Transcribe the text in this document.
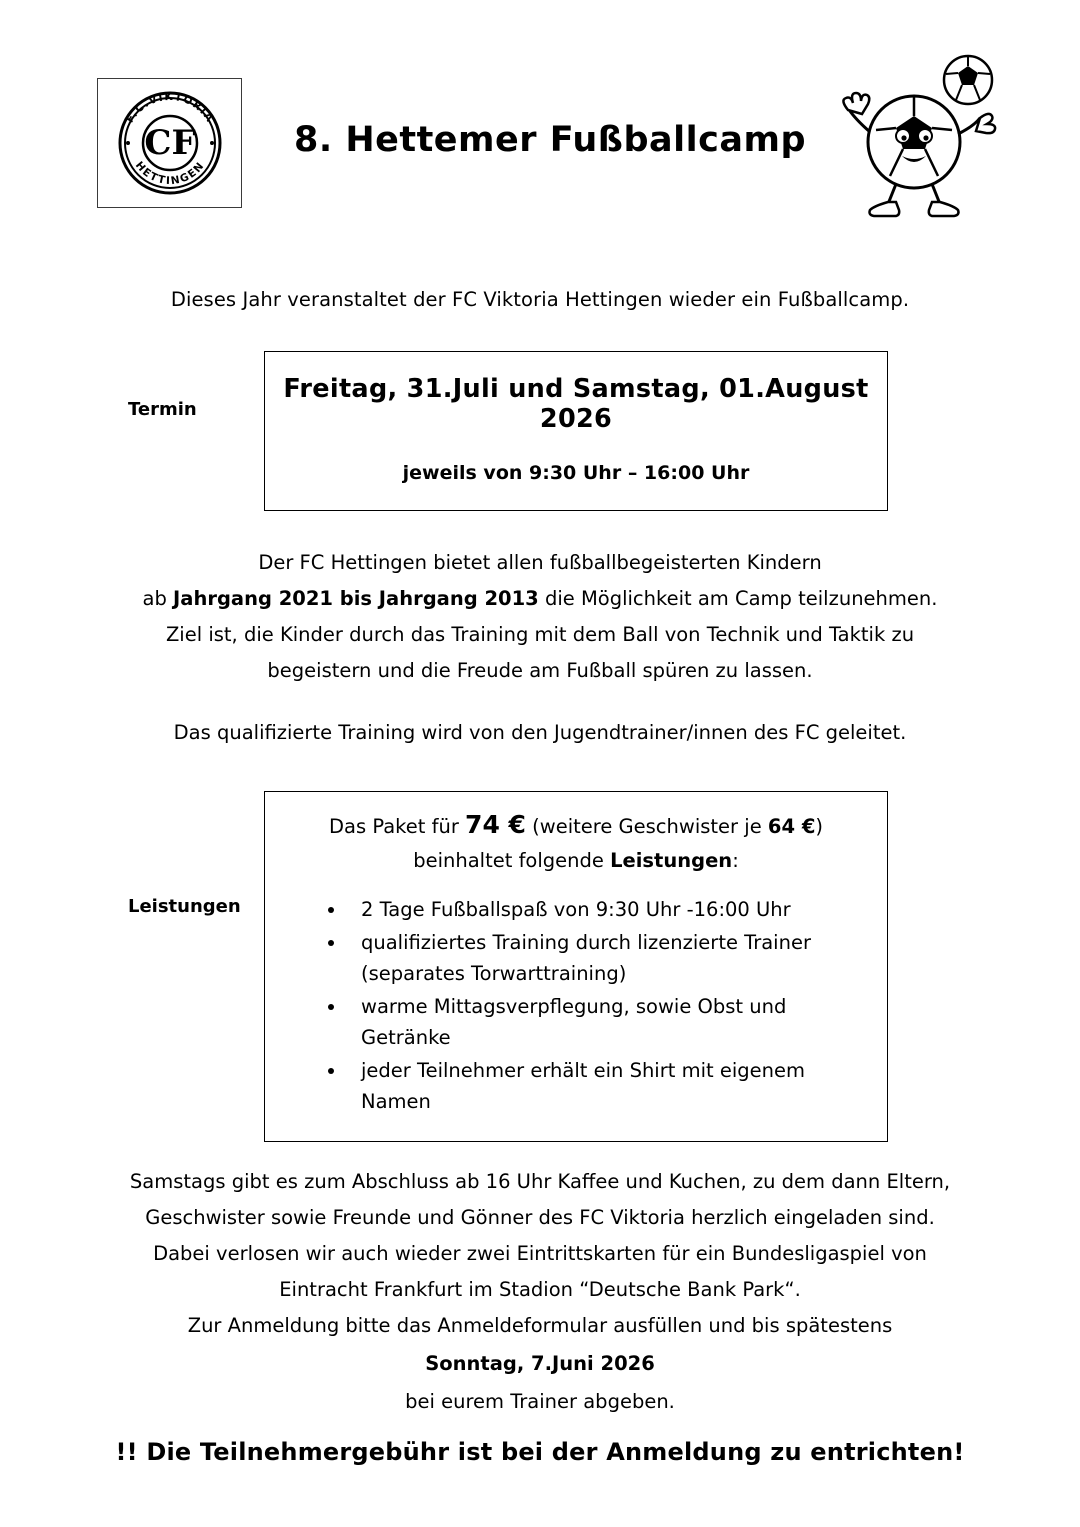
F.C.VIKTORIA
HETTINGEN
CF	8. Hettemer Fußballcamp
Dieses Jahr veranstaltet der FC Viktoria Hettingen wieder ein Fußballcamp.
Termin
Freitag, 31.Juli und Samstag, 01.August 2026
jeweils von 9:30 Uhr – 16:00 Uhr
Der FC Hettingen bietet allen fußballbegeisterten Kindern
ab Jahrgang 2021 bis Jahrgang 2013 die Möglichkeit am Camp teilzunehmen.
Ziel ist, die Kinder durch das Training mit dem Ball von Technik und Taktik zu
begeistern und die Freude am Fußball spüren zu lassen.
Das qualifizierte Training wird von den Jugendtrainer/innen des FC geleitet.
Leistungen
Das Paket für 74 € (weitere Geschwister je 64 €)
beinhaltet folgende Leistungen:
• 2 Tage Fußballspaß von 9:30 Uhr -16:00 Uhr
• qualifiziertes Training durch lizenzierte Trainer (separates Torwarttraining)
• warme Mittagsverpflegung, sowie Obst und Getränke
• jeder Teilnehmer erhält ein Shirt mit eigenem Namen
Samstags gibt es zum Abschluss ab 16 Uhr Kaffee und Kuchen, zu dem dann Eltern,
Geschwister sowie Freunde und Gönner des FC Viktoria herzlich eingeladen sind.
Dabei verlosen wir auch wieder zwei Eintrittskarten für ein Bundesligaspiel von
Eintracht Frankfurt im Stadion “Deutsche Bank Park“.
Zur Anmeldung bitte das Anmeldeformular ausfüllen und bis spätestens
Sonntag, 7.Juni 2026
bei eurem Trainer abgeben.
!! Die Teilnehmergebühr ist bei der Anmeldung zu entrichten!
